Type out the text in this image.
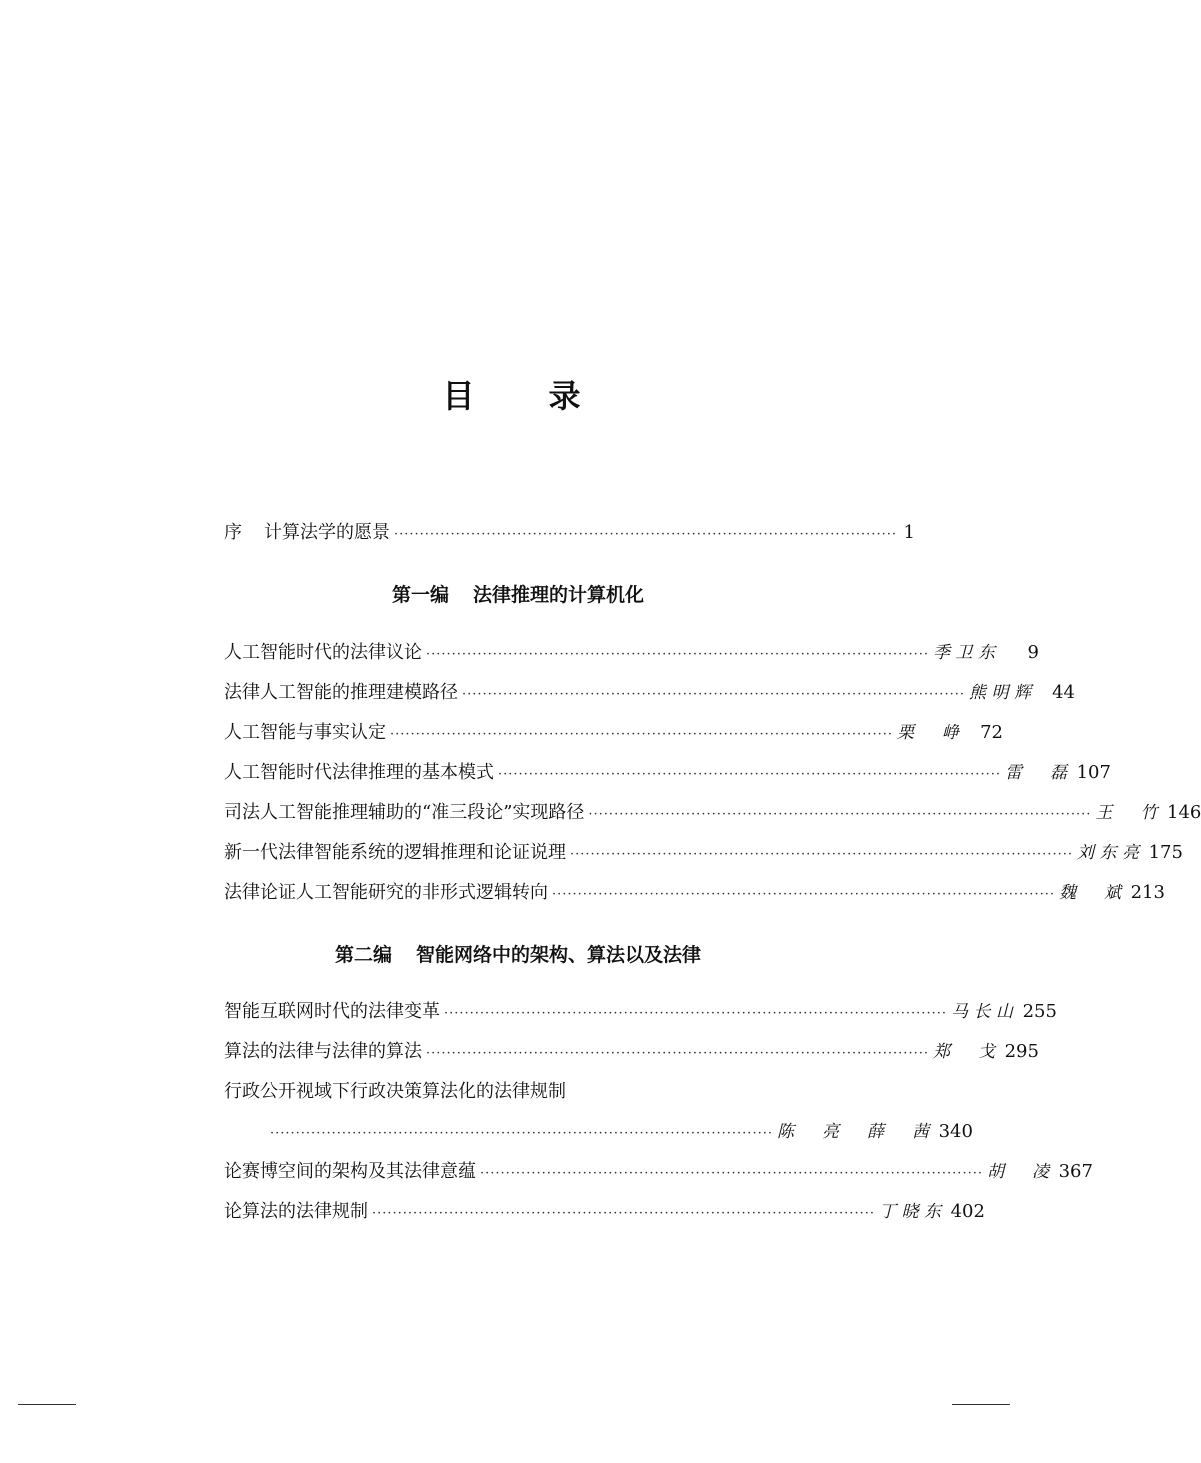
目 录
序 计算法学的愿景 ·································································································· 1
第一编 法律推理的计算机化
人工智能时代的法律议论 ·································································································· 季卫东	9
法律人工智能的推理建模路径 ·································································································· 熊明辉	44
人工智能与事实认定 ·································································································· 栗　峥	72
人工智能时代法律推理的基本模式 ·································································································· 雷　磊 107
司法人工智能推理辅助的“准三段论”实现路径 ·································································································· 王　竹 146
新一代法律智能系统的逻辑推理和论证说理 ·································································································· 刘东亮 175
法律论证人工智能研究的非形式逻辑转向 ·································································································· 魏　斌 213
第二编 智能网络中的架构、算法以及法律
智能互联网时代的法律变革 ·································································································· 马长山 255
算法的法律与法律的算法 ·································································································· 郑　戈 295
行政公开视域下行政决策算法化的法律规制
·································································································· 陈　亮　薛　茜 340
论赛博空间的架构及其法律意蕴 ·································································································· 胡　凌 367
论算法的法律规制 ·································································································· 丁晓东 402
